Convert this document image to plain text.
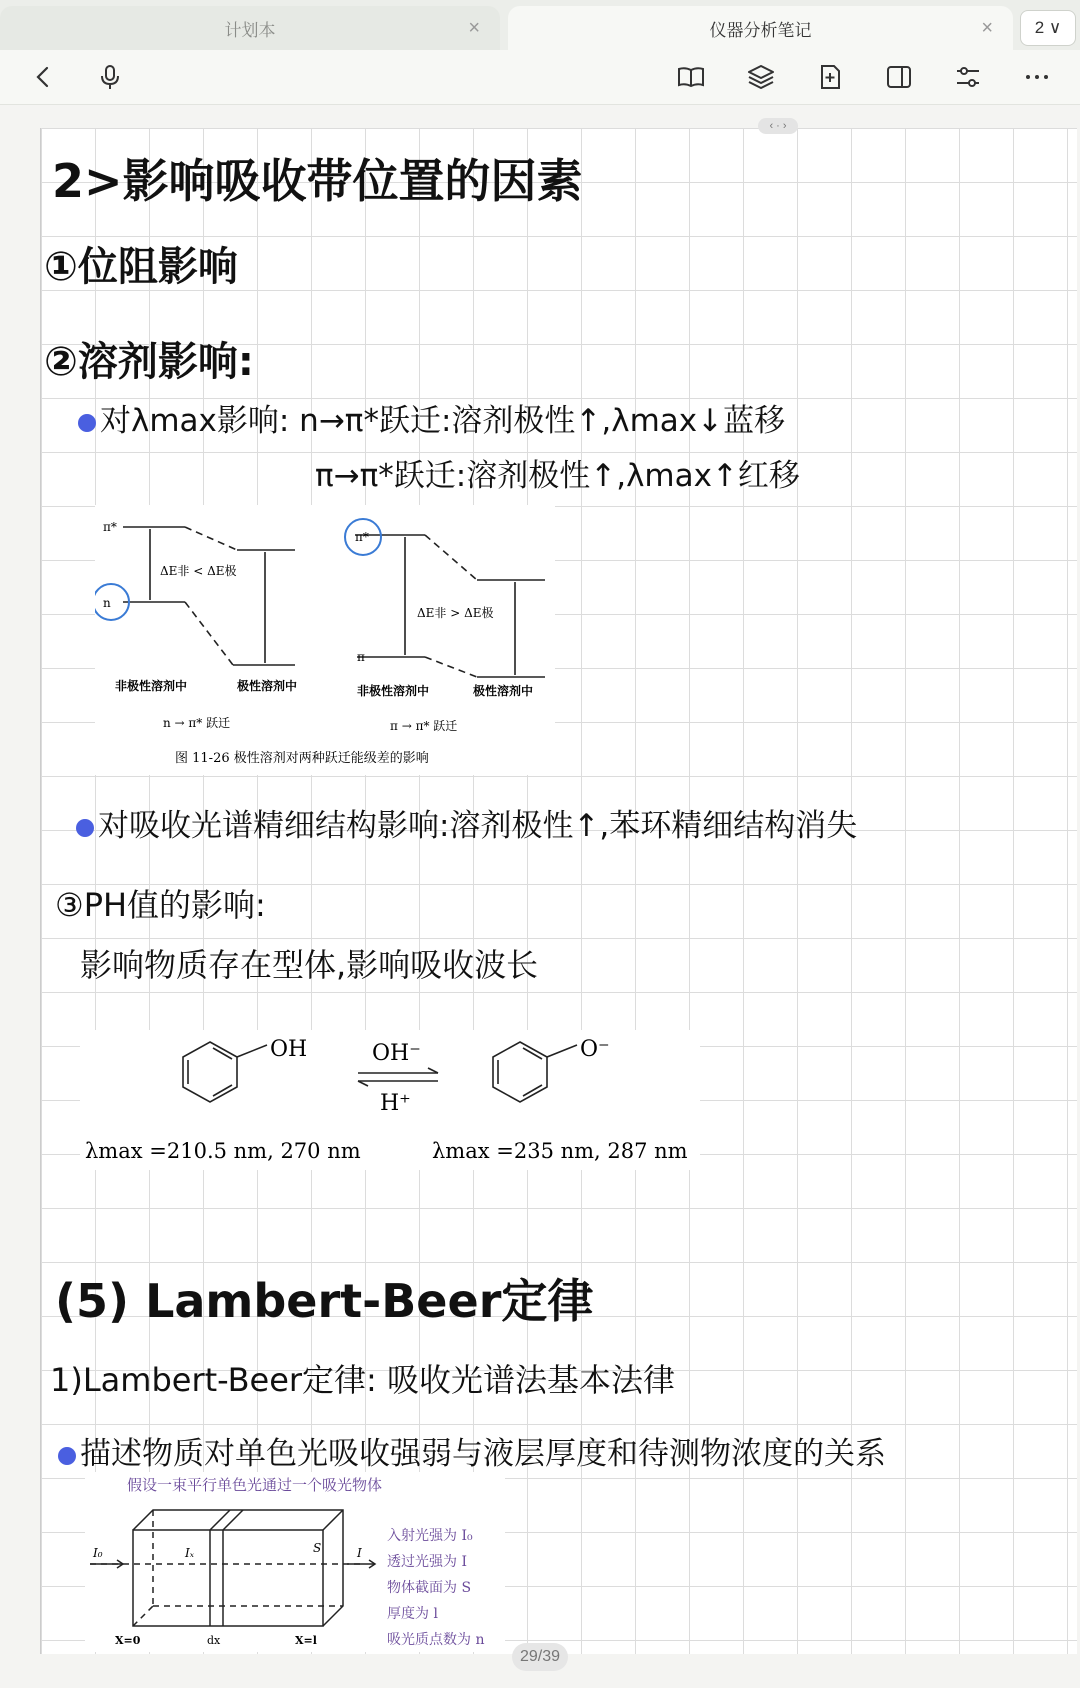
计划本	×	仪器分析笔记	×	2 ∨
‹ · ›
2>影响吸收带位置的因素
①位阻影响
②溶剂影响:
对λmax影响: n→π*跃迁:溶剂极性↑,λmax↓蓝移
π→π*跃迁:溶剂极性↑,λmax↑红移
π*
n
ΔE非 < ΔE极
非极性溶剂中	极性溶剂中
n → π* 跃迁
π*
π
ΔE非 > ΔE极
非极性溶剂中	极性溶剂中
π → π* 跃迁
图 11-26 极性溶剂对两种跃迁能级差的影响
对吸收光谱精细结构影响:溶剂极性↑,苯环精细结构消失
③PH值的影响:
影响物质存在型体,影响吸收波长
OH	OH⁻
H⁺
O⁻
λmax =210.5 nm, 270 nm	λmax =235 nm, 287 nm
(5) Lambert-Beer定律
1)Lambert-Beer定律: 吸收光谱法基本法律
描述物质对单色光吸收强弱与液层厚度和待测物浓度的关系
假设一束平行单色光通过一个吸光物体
I₀	Iₓ	S	I
X=0	dx	X=l
入射光强为 I₀
透过光强为 I
物体截面为 S
厚度为 l
吸光质点数为 n
29/39
